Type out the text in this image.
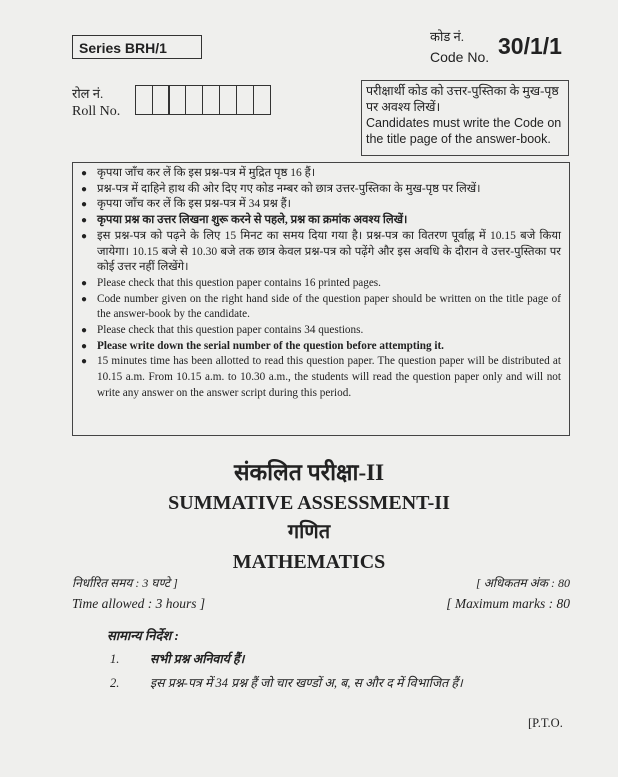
Series BRH/1
कोड नं.
Code No. 30/1/1
रोल नं.
Roll No.
परीक्षार्थी कोड को उत्तर-पुस्तिका के मुख-पृष्ठ पर अवश्य लिखें।
Candidates must write the Code on the title page of the answer-book.
● कृपया जाँच कर लें कि इस प्रश्न-पत्र में मुद्रित पृष्ठ 16 हैं।
● प्रश्न-पत्र में दाहिने हाथ की ओर दिए गए कोड नम्बर को छात्र उत्तर-पुस्तिका के मुख-पृष्ठ पर लिखें।
● कृपया जाँच कर लें कि इस प्रश्न-पत्र में 34 प्रश्न हैं।
● कृपया प्रश्न का उत्तर लिखना शुरू करने से पहले, प्रश्न का क्रमांक अवश्य लिखें।
● इस प्रश्न-पत्र को पढ़ने के लिए 15 मिनट का समय दिया गया है। प्रश्न-पत्र का वितरण पूर्वाह्न में 10.15 बजे किया जायेगा। 10.15 बजे से 10.30 बजे तक छात्र केवल प्रश्न-पत्र को पढ़ेंगे और इस अवधि के दौरान वे उत्तर-पुस्तिका पर कोई उत्तर नहीं लिखेंगे।
● Please check that this question paper contains 16 printed pages.
● Code number given on the right hand side of the question paper should be written on the title page of the answer-book by the candidate.
● Please check that this question paper contains 34 questions.
● Please write down the serial number of the question before attempting it.
● 15 minutes time has been allotted to read this question paper. The question paper will be distributed at 10.15 a.m. From 10.15 a.m. to 10.30 a.m., the students will read the question paper only and will not write any answer on the answer script during this period.
संकलित परीक्षा-II
SUMMATIVE ASSESSMENT-II
गणित
MATHEMATICS
निर्धारित समय : 3 घण्टे ]
Time allowed : 3 hours ]
[ अधिकतम अंक : 80
[ Maximum marks : 80
सामान्य निर्देश :
1. सभी प्रश्न अनिवार्य हैं।
2. इस प्रश्न-पत्र में 34 प्रश्न हैं जो चार खण्डों अ, ब, स और द में विभाजित हैं।
[P.T.O.
